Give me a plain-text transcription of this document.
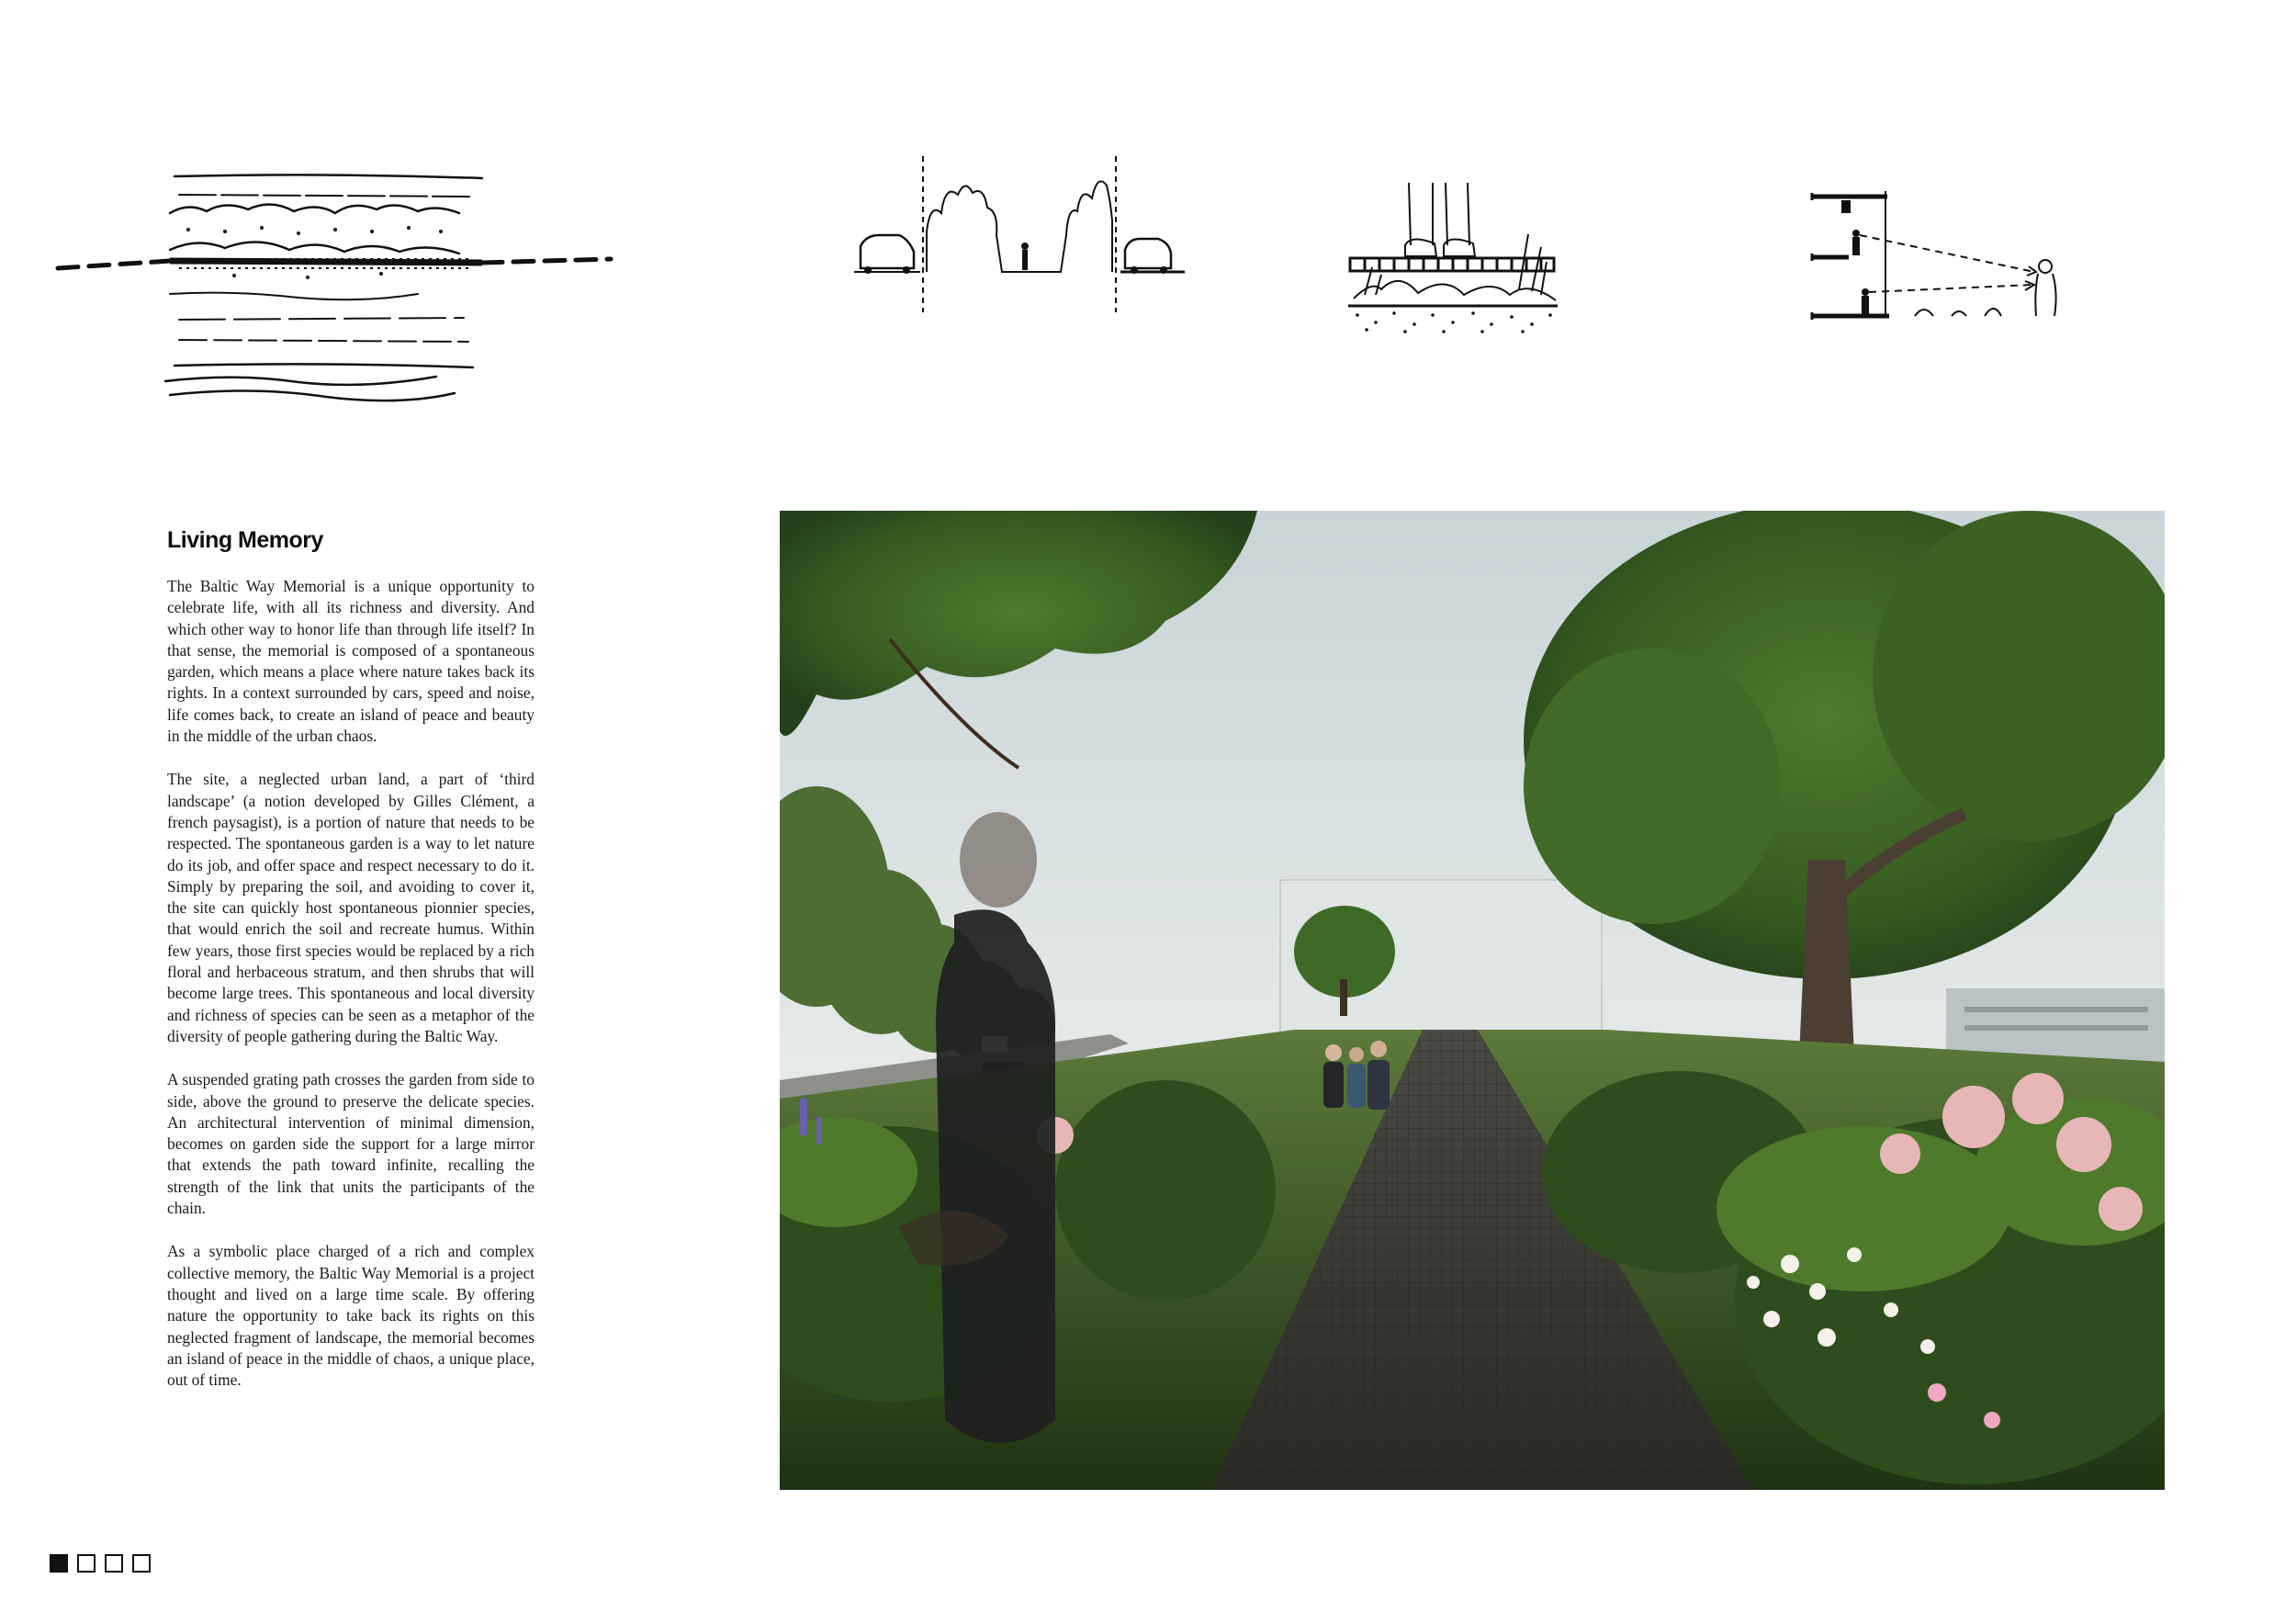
Living Memory

The Baltic Way Memorial is a unique opportunity to celebrate life, with all its richness and diversity. And which other way to honor life than through life itself? In that sense, the memorial is composed of a spontaneous garden, which means a place where nature takes back its rights. In a context surrounded by cars, speed and noise, life comes back, to create an island of peace and beauty in the middle of the urban chaos.

The site, a neglected urban land, a part of ‘third landscape’ (a notion developed by Gilles Clément, a french paysagist), is a portion of nature that needs to be respected. The spontaneous garden is a way to let nature do its job, and offer space and respect necessary to do it. Simply by preparing the soil, and avoiding to cover it, the site can quickly host spontaneous pionnier species, that would enrich the soil and recreate humus. Within few years, those first species would be replaced by a rich floral and herbaceous stratum, and then shrubs that will become large trees. This spontaneous and local diversity and richness of species can be seen as a metaphor of the diversity of people gathering during the Baltic Way.

A suspended grating path crosses the garden from side to side, above the ground to preserve the delicate species. An architectural intervention of minimal dimension, becomes on garden side the support for a large mirror that extends the path toward infinite, recalling the strength of the link that units the participants of the chain.

As a symbolic place charged of a rich and complex collective memory, the Baltic Way Memorial is a project thought and lived on a large time scale. By offering nature the opportunity to take back its rights on this neglected fragment of landscape, the memorial becomes an island of peace in the middle of chaos, a unique place, out of time.
